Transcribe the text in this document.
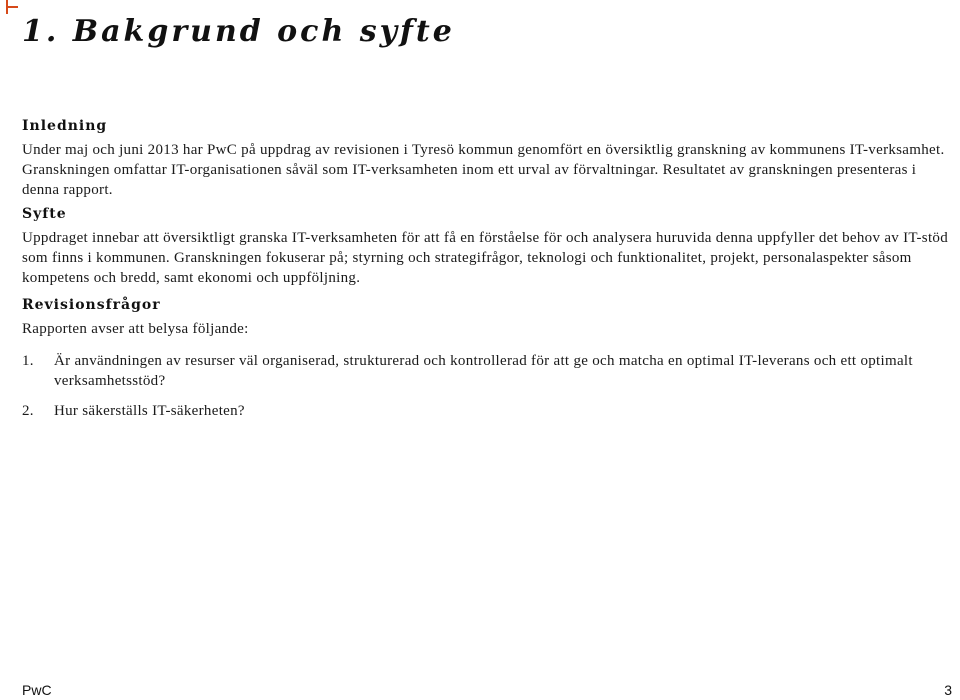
1. Bakgrund och syfte
Inledning

Under maj och juni 2013 har PwC på uppdrag av revisionen i Tyresö kommun genomfört en översiktlig granskning av kommunens IT-verksamhet. Granskningen omfattar IT-organisationen såväl som IT-verksamheten inom ett urval av förvaltningar. Resultatet av granskningen presenteras i denna rapport.

Syfte

Uppdraget innebar att översiktligt granska IT-verksamheten för att få en förståelse för och analysera huruvida denna uppfyller det behov av IT-stöd som finns i kommunen. Granskningen fokuserar på; styrning och strategifrågor, teknologi och funktionalitet, projekt, personalaspekter såsom kompetens och bredd, samt ekonomi och uppföljning.

Revisionsfrågor

Rapporten avser att belysa följande:

1.	Är användningen av resurser väl organiserad, strukturerad och kontrollerad för att ge och matcha en optimal IT-leverans och ett optimalt verksamhetsstöd?
2.	Hur säkerställs IT-säkerheten?
PwC	3
